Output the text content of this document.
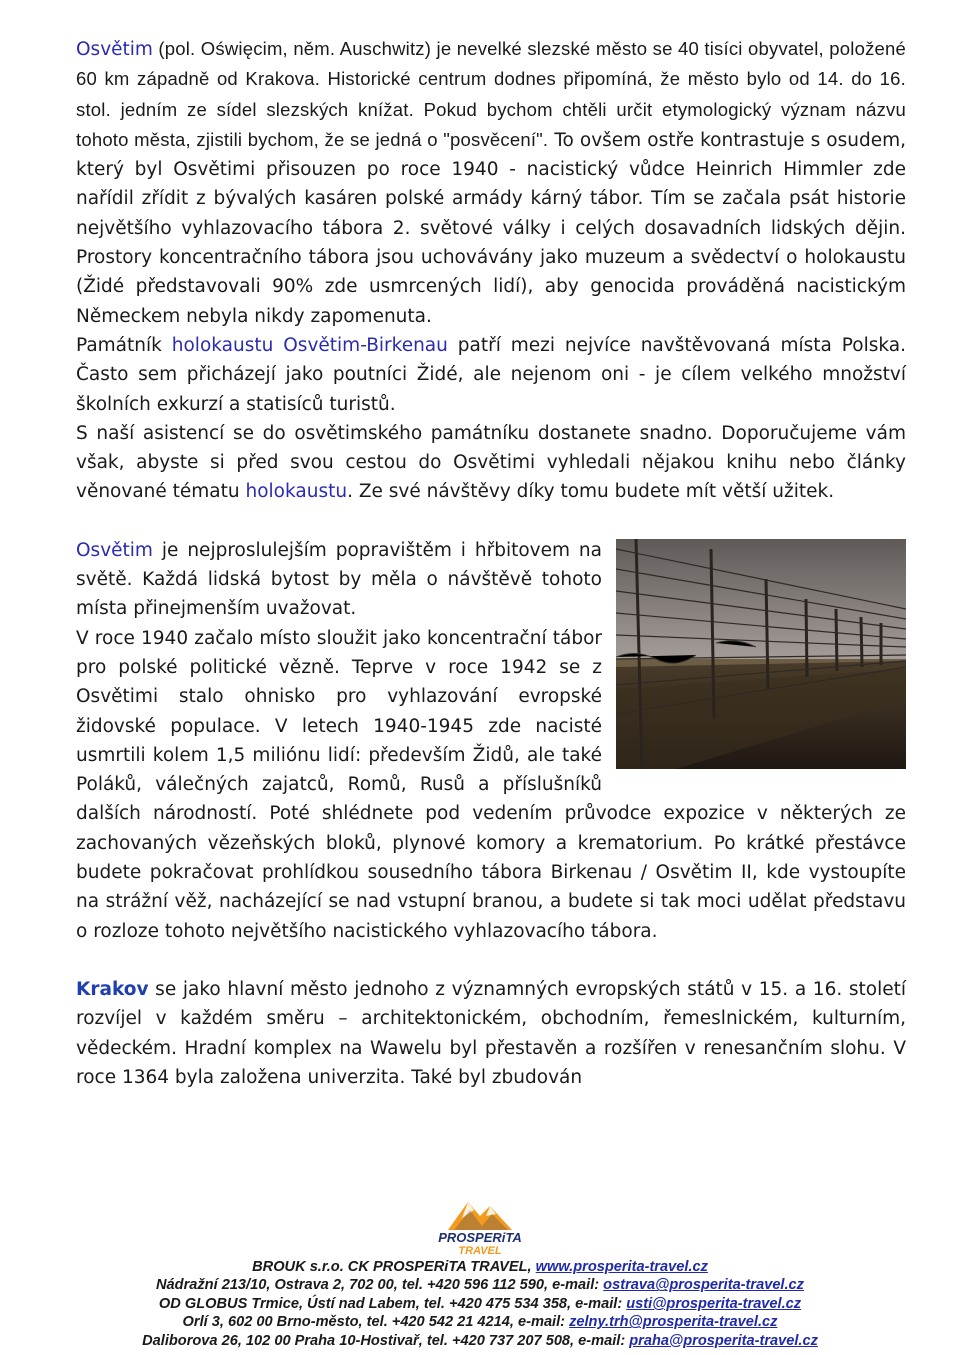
Osvětim (pol. Oświęcim, něm. Auschwitz) je nevelké slezské město se 40 tisíci obyvatel, položené 60 km západně od Krakova. Historické centrum dodnes připomíná, že město bylo od 14. do 16. stol. jedním ze sídel slezských knížat. Pokud bychom chtěli určit etymologický význam názvu tohoto města, zjistili bychom, že se jedná o "posvěcení". To ovšem ostře kontrastuje s osudem, který byl Osvětimi přisouzen po roce 1940 - nacistický vůdce Heinrich Himmler zde nařídil zřídit z bývalých kasáren polské armády kárný tábor. Tím se začala psát historie největšího vyhlazovacího tábora 2. světové války i celých dosavadních lidských dějin. Prostory koncentračního tábora jsou uchovávány jako muzeum a svědectví o holokaustu (Židé představovali 90% zde usmrcených lidí), aby genocida prováděná nacistickým Německem nebyla nikdy zapomenuta.

Památník holokaustu Osvětim-Birkenau patří mezi nejvíce navštěvovaná místa Polska. Často sem přicházejí jako poutníci Židé, ale nejenom oni - je cílem velkého množství školních exkurzí a statisíců turistů.

S naší asistencí se do osvětimského památníku dostanete snadno. Doporučujeme vám však, abyste si před svou cestou do Osvětimi vyhledali nějakou knihu nebo články věnované tématu holokaustu. Ze své návštěvy díky tomu budete mít větší užitek.

Osvětim je nejproslulejším popravištěm i hřbitovem na světě. Každá lidská bytost by měla o návštěvě tohoto místa přinejmenším uvažovat.
V roce 1940 začalo místo sloužit jako koncentrační tábor pro polské politické vězně. Teprve v roce 1942 se z Osvětimi stalo ohnisko pro vyhlazování evropské židovské populace. V letech 1940-1945 zde nacisté usmrtili kolem 1,5 miliónu lidí: především Židů, ale také Poláků, válečných zajatců, Romů, Rusů a příslušníků dalších národností. Poté shlédnete pod vedením průvodce expozice v některých ze zachovaných vězeňských bloků, plynové komory a krematorium. Po krátké přestávce budete pokračovat prohlídkou sousedního tábora Birkenau / Osvětim II, kde vystoupíte na strážní věž, nacházející se nad vstupní branou, a budete si tak moci udělat představu o rozloze tohoto největšího nacistického vyhlazovacího tábora.

Krakov se jako hlavní město jednoho z významných evropských států v 15. a 16. století rozvíjel v každém směru – architektonickém, obchodním, řemeslnickém, kulturním, vědeckém. Hradní komplex na Wawelu byl přestavěn a rozšířen v renesančním slohu. V roce 1364 byla založena univerzita. Také byl zbudován

PROSPERiTA
TRAVEL
BROUK s.r.o. CK PROSPERiTA TRAVEL, www.prosperita-travel.cz
Nádražní 213/10, Ostrava 2, 702 00, tel. +420 596 112 590, e-mail: ostrava@prosperita-travel.cz
OD GLOBUS Trmice, Ústí nad Labem, tel. +420 475 534 358, e-mail: usti@prosperita-travel.cz
Orlí 3, 602 00 Brno-město, tel. +420 542 21 4214, e-mail: zelny.trh@prosperita-travel.cz
Daliborova 26, 102 00 Praha 10-Hostivař, tel. +420 737 207 508, e-mail: praha@prosperita-travel.cz
